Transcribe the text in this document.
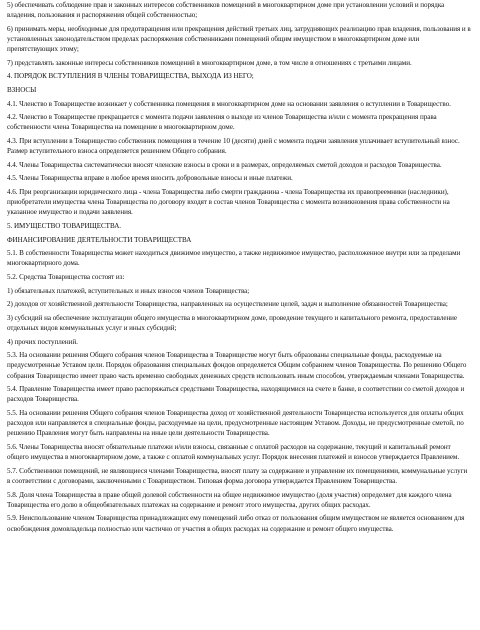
5) обеспечивать соблюдение прав и законных интересов собственников помещений в многоквартирном доме при установлении условий и порядка владения, пользования и распоряжения общей собственностью;
6) принимать меры, необходимые для предотвращения или прекращения действий третьих лиц, затрудняющих реализацию прав владения, пользования и в установленных законодательством пределах распоряжения собственниками помещений общим имуществом в многоквартирном доме или препятствующих этому;
7) представлять законные интересы собственников помещений в многоквартирном доме, в том числе в отношениях с третьими лицами.
4. ПОРЯДОК ВСТУПЛЕНИЯ В ЧЛЕНЫ ТОВАРИЩЕСТВА, ВЫХОДА ИЗ НЕГО;
ВЗНОСЫ
4.1. Членство в Товариществе возникает у собственника помещения в многоквартирном доме на основании заявления о вступлении в Товарищество.
4.2. Членство в Товариществе прекращается с момента подачи заявления о выходе из членов Товарищества и/или с момента прекращения права собственности члена Товарищества на помещение в многоквартирном доме.
4.3. При вступлении в Товарищество собственник помещения в течение 10 (десяти) дней с момента подачи заявления уплачивает вступительный взнос. Размер вступительного взноса определяется решением Общего собрания.
4.4. Члены Товарищества систематически вносят членские взносы в сроки и в размерах, определяемых сметой доходов и расходов Товарищества.
4.5. Члены Товарищества вправе в любое время вносить добровольные взносы и иные платежи.
4.6. При реорганизации юридического лица - члена Товарищества либо смерти гражданина - члена Товарищества их правопреемники (наследники), приобретатели имущества члена Товарищества по договору входят в состав членов Товарищества с момента возникновения права собственности на указанное имущество и подачи заявления.
5. ИМУЩЕСТВО ТОВАРИЩЕСТВА.
ФИНАНСИРОВАНИЕ ДЕЯТЕЛЬНОСТИ ТОВАРИЩЕСТВА
5.1. В собственности Товарищества может находиться движимое имущество, а также недвижимое имущество, расположенное внутри или за пределами многоквартирного дома.
5.2. Средства Товарищества состоят из:
1) обязательных платежей, вступительных и иных взносов членов Товарищества;
2) доходов от хозяйственной деятельности Товарищества, направленных на осуществление целей, задач и выполнение обязанностей Товарищества;
3) субсидий на обеспечение эксплуатации общего имущества в многоквартирном доме, проведение текущего и капитального ремонта, предоставление отдельных видов коммунальных услуг и иных субсидий;
4) прочих поступлений.
5.3. На основании решения Общего собрания членов Товарищества в Товариществе могут быть образованы специальные фонды, расходуемые на предусмотренные Уставом цели. Порядок образования специальных фондов определяется Общим собранием членов Товарищества. По решению Общего собрания Товарищество имеет право часть временно свободных денежных средств использовать иным способом, утверждаемым членами Товарищества.
5.4. Правление Товарищества имеет право распоряжаться средствами Товарищества, находящимися на счете в банке, в соответствии со сметой доходов и расходов Товарищества.
5.5. На основании решения Общего собрания членов Товарищества доход от хозяйственной деятельности Товарищества используется для оплаты общих расходов или направляется в специальные фонды, расходуемые на цели, предусмотренные настоящим Уставом. Доходы, не предусмотренные сметой, по решению Правления могут быть направлены на иные цели деятельности Товарищества.
5.6. Члены Товарищества вносят обязательные платежи и/или взносы, связанные с оплатой расходов на содержание, текущий и капитальный ремонт общего имущества в многоквартирном доме, а также с оплатой коммунальных услуг. Порядок внесения платежей и взносов утверждается Правлением.
5.7. Собственники помещений, не являющиеся членами Товарищества, вносят плату за содержание и управление их помещениями, коммунальные услуги в соответствии с договорами, заключенными с Товариществом. Типовая форма договора утверждается Правлением Товарищества.
5.8. Доля члена Товарищества в праве общей долевой собственности на общее недвижимое имущество (доля участия) определяет для каждого члена Товарищества его долю в общеобязательных платежах на содержание и ремонт этого имущества, других общих расходах.
5.9. Неиспользование членом Товарищества принадлежащих ему помещений либо отказ от пользования общим имуществом не является основанием для освобождения домовладельца полностью или частично от участия в общих расходах на содержание и ремонт общего имущества.
